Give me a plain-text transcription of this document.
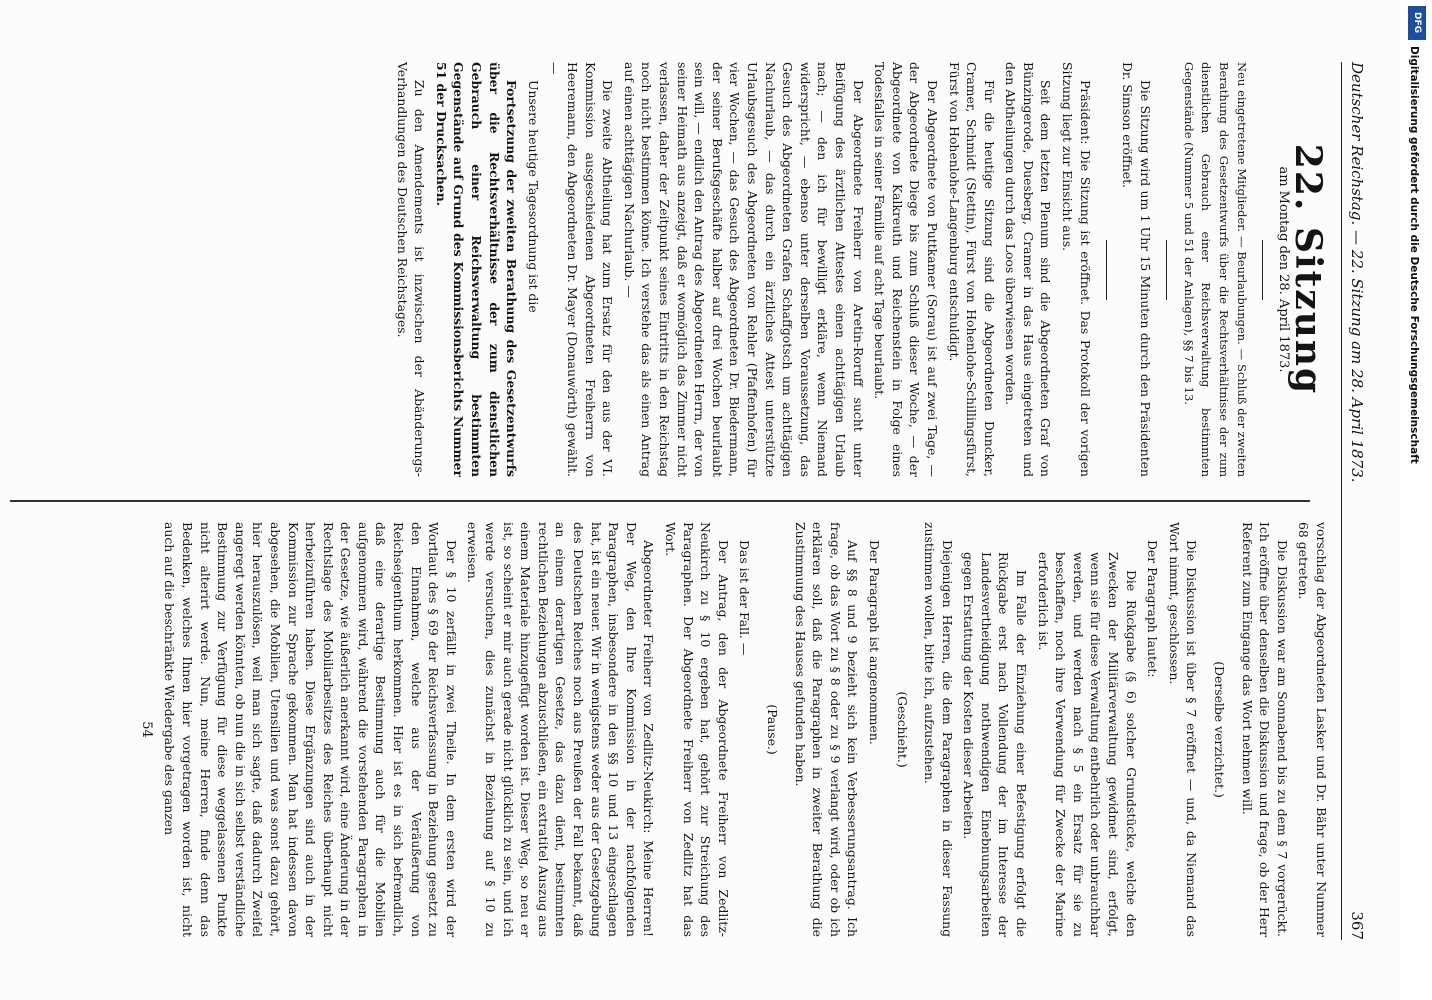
Deutscher Reichstag. — 22. Sitzung am 28. April 1873.
367
22. Sitzung
am Montag den 28. April 1873.

Neu eingetretene Mitglieder. — Beurlaubungen. — Schluß der zweiten Berathung des Gesetzentwurfs über die Rechtsverhältnisse der zum dienstlichen Gebrauch einer Reichsverwaltung bestimmten Gegenstände (Nummer 5 und 51 der Anlagen), §§ 7 bis 13.

Die Sitzung wird um 1 Uhr 15 Minuten durch den Präsidenten Dr. Simson eröffnet.

Präsident: Die Sitzung ist eröffnet. Das Protokoll der vorigen Sitzung liegt zur Einsicht aus.

Seit dem letzten Plenum sind die Abgeordneten Graf von Bünzingerode, Duesberg, Cramer in das Haus eingetreten und den Abtheilungen durch das Loos überwiesen worden.

Für die heutige Sitzung sind die Abgeordneten Duncker, Cramer, Schmidt (Stettin), Fürst von Hohenlohe-Schillingsfürst, Fürst von Hohenlohe-Langenburg entschuldigt.

Der Abgeordnete von Puttkamer (Sorau) ist auf zwei Tage, — der Abgeordnete Diege bis zum Schluß dieser Woche, — der Abgeordnete von Kalkreuth und Reichenstein in Folge eines Todesfalles in seiner Familie auf acht Tage beurlaubt.

Der Abgeordnete Freiherr von Aretin-Roruff sucht unter Beifügung des ärztlichen Attestes einen achttägigen Urlaub nach; — den ich für bewilligt erkläre, wenn Niemand widerspricht, — ebenso unter derselben Voraussetzung, das Gesuch des Abgeordneten Grafen Schaffgotsch um achttägigen Nachurlaub, — das durch ein ärztliches Attest unterstützte Urlaubsgesuch des Abgeordneten von Rehler (Pfaffenhofen) für vier Wochen, — das Gesuch des Abgeordneten Dr. Biedermann, der seiner Berufsgeschäfte halber auf drei Wochen beurlaubt sein will, — endlich den Antrag des Abgeordneten Herrn, der von seiner Heimath aus anzeigt, daß er womöglich das Zimmer nicht verlassen, daher der Zeitpunkt seines Eintritts in den Reichstag noch nicht bestimmen könne. Ich verstehe das als einen Antrag auf einen achttägigen Nachurlaub. —

Die zweite Abtheilung hat zum Ersatz für den aus der VI. Kommission ausgeschiedenen Abgeordneten Freiherrn von Heeremann, den Abgeordneten Dr. Mayer (Donauwörth) gewählt. —

Unsere heutige Tagesordnung ist die

Fortsetzung der zweiten Berathung des Gesetzentwurfs über die Rechtsverhältnisse der zum dienstlichen Gebrauch einer Reichsverwaltung bestimmten Gegenstände auf Grund des Kommissionsberichts Nummer 51 der Drucksachen.

Zu den Amendements ist inzwischen der Abänderungs-Verhandlungen des Deutschen Reichstages.

vorschlag der Abgeordneten Lasker und Dr. Bähr unter Nummer 68 getreten.

Die Diskussion war am Sonnabend bis zu dem § 7 vorgerückt. Ich eröffne über denselben die Diskussion und frage, ob der Herr Referent zum Eingange das Wort nehmen will.

(Derselbe verzichtet.)

Die Diskussion ist über § 7 eröffnet — und, da Niemand das Wort nimmt, geschlossen.

Der Paragraph lautet:

Die Rückgabe (§ 6) solcher Grundstücke, welche den Zwecken der Militärverwaltung gewidmet sind, erfolgt, wenn sie für diese Verwaltung entbehrlich oder unbrauchbar werden, und werden nach § 5 ein Ersatz für sie zu beschaffen, noch ihre Verwendung für Zwecke der Marine erforderlich ist.

Im Falle der Einziehung einer Befestigung erfolgt die Rückgabe erst nach Vollendung der im Interesse der Landesvertheidigung nothwendigen Einebnungsarbeiten gegen Erstattung der Kosten dieser Arbeiten.

Diejenigen Herren, die dem Paragraphen in dieser Fassung zustimmen wollen, bitte ich, aufzustehen.

(Geschieht.)

Der Paragraph ist angenommen.

Auf §§ 8 und 9 bezieht sich kein Verbesserungsantrag. Ich frage, ob das Wort zu § 8 oder zu § 9 verlangt wird, oder ob ich erklären soll, daß die Paragraphen in zweiter Berathung die Zustimmung des Hauses gefunden haben.

(Pause.)

Das ist der Fall. —

Der Antrag, den der Abgeordnete Freiherr von Zedlitz-Neukirch zu § 10 ergeben hat, gehört zur Streichung des Paragraphen. Der Abgeordnete Freiherr von Zedlitz hat das Wort.

Abgeordneter Freiherr von Zedlitz-Neukirch: Meine Herren! Der Weg, den Ihre Kommission in der nachfolgenden Paragraphen, insbesondere in den §§ 10 und 13 eingeschlagen hat, ist ein neuer. Wir in wenigstens weder aus der Gesetzgebung des Deutschen Reiches noch aus Preußen der Fall bekannt, daß an einem derartigen Gesetze, das dazu dient, bestimmten rechtlichen Beziehungen abzuschließen, ein extratitel Auszug aus einem Materiale hinzugefügt worden ist. Dieser Weg, so neu er ist, so scheint er mir auch gerade nicht glücklich zu sein, und ich werde versuchen, dies zunächst in Beziehung auf § 10 zu erweisen.

Der § 10 zerfällt in zwei Theile. In dem ersten wird der Wortlaut des § 69 der Reichsverfassung in Beziehung gesetzt zu den Einnahmen, welche aus der Veräußerung von Reichseigenthum herkommen. Hier ist es in sich befremdlich, daß eine derartige Bestimmung auch für die Mobilien aufgenommen wird, während die vorstehenden Paragraphen in der Gesetze, wie äußerlich anerkannt wird, eine Änderung in der Rechtslage des Mobiliarbesitzes des Reiches überhaupt nicht herbeizuführen haben. Diese Ergänzungen sind auch in der Kommission zur Sprache gekommen. Man hat indessen davon abgesehen, die Mobilien, Utensilien und was sonst dazu gehört, hier herauszulösen, weil man sich sagte, daß dadurch Zweifel angeregt werden könnten, ob nun die in sich selbst verständliche Bestimmung zur Verfügung für diese weggelassenen Punkte nicht alterirt werde. Nun, meine Herren, finde denn das Bedenken, welches Ihnen hier vorgetragen worden ist, nicht auch auf die beschränkte Wiedergabe des ganzen

54
DFG
Digitalisierung gefördert durch die Deutsche Forschungsgemeinschaft
